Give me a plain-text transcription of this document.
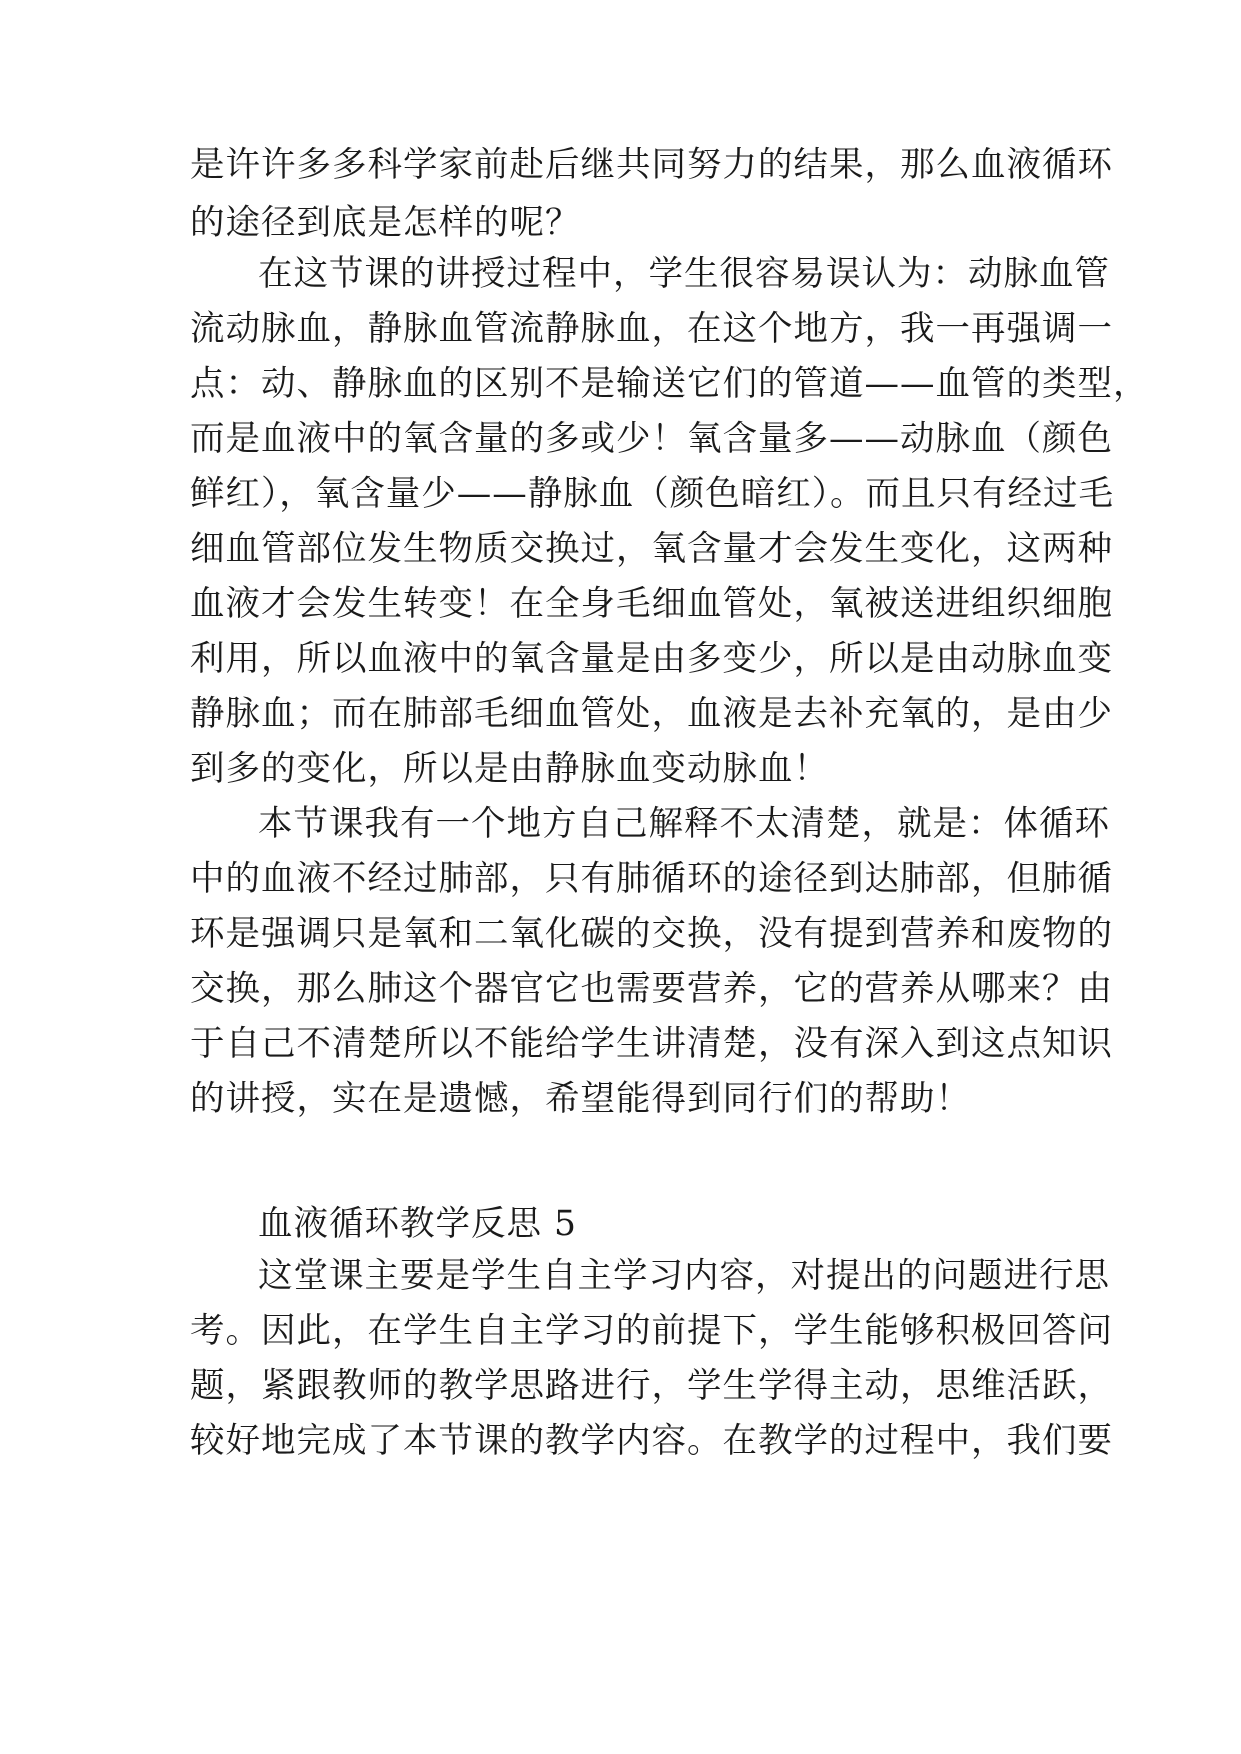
是许许多多科学家前赴后继共同努力的结果，那么血液循环
的途径到底是怎样的呢？
在这节课的讲授过程中，学生很容易误认为：动脉血管
流动脉血，静脉血管流静脉血，在这个地方，我一再强调一
点：动、静脉血的区别不是输送它们的管道——血管的类型，
而是血液中的氧含量的多或少！氧含量多——动脉血（颜色
鲜红），氧含量少——静脉血（颜色暗红）。而且只有经过毛
细血管部位发生物质交换过，氧含量才会发生变化，这两种
血液才会发生转变！在全身毛细血管处，氧被送进组织细胞
利用，所以血液中的氧含量是由多变少，所以是由动脉血变
静脉血；而在肺部毛细血管处，血液是去补充氧的，是由少
到多的变化，所以是由静脉血变动脉血！
本节课我有一个地方自己解释不太清楚，就是：体循环
中的血液不经过肺部，只有肺循环的途径到达肺部，但肺循
环是强调只是氧和二氧化碳的交换，没有提到营养和废物的
交换，那么肺这个器官它也需要营养，它的营养从哪来？由
于自己不清楚所以不能给学生讲清楚，没有深入到这点知识
的讲授，实在是遗憾，希望能得到同行们的帮助！
血液循环教学反思 5
这堂课主要是学生自主学习内容，对提出的问题进行思
考。因此，在学生自主学习的前提下，学生能够积极回答问
题，紧跟教师的教学思路进行，学生学得主动，思维活跃，
较好地完成了本节课的教学内容。在教学的过程中，我们要
